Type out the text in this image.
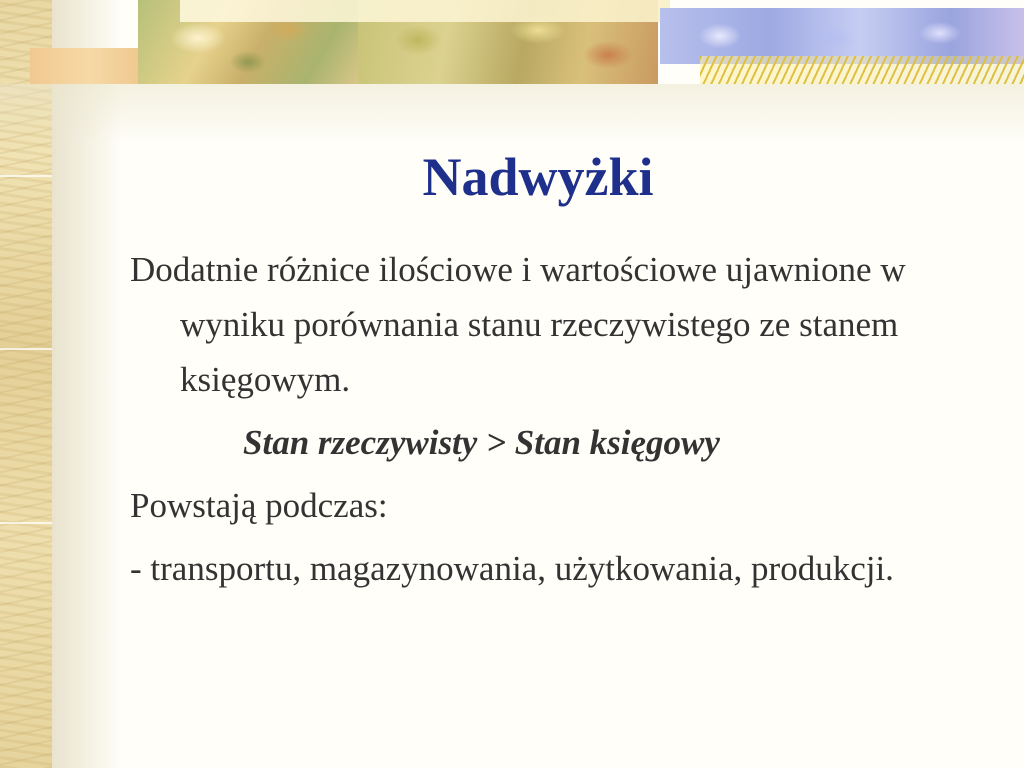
Nadwyżki

Dodatnie różnice ilościowe i wartościowe ujawnione w wyniku porównania stanu rzeczywistego ze stanem księgowym.

Stan rzeczywisty > Stan księgowy

Powstają podczas:

- transportu, magazynowania, użytkowania, produkcji.
